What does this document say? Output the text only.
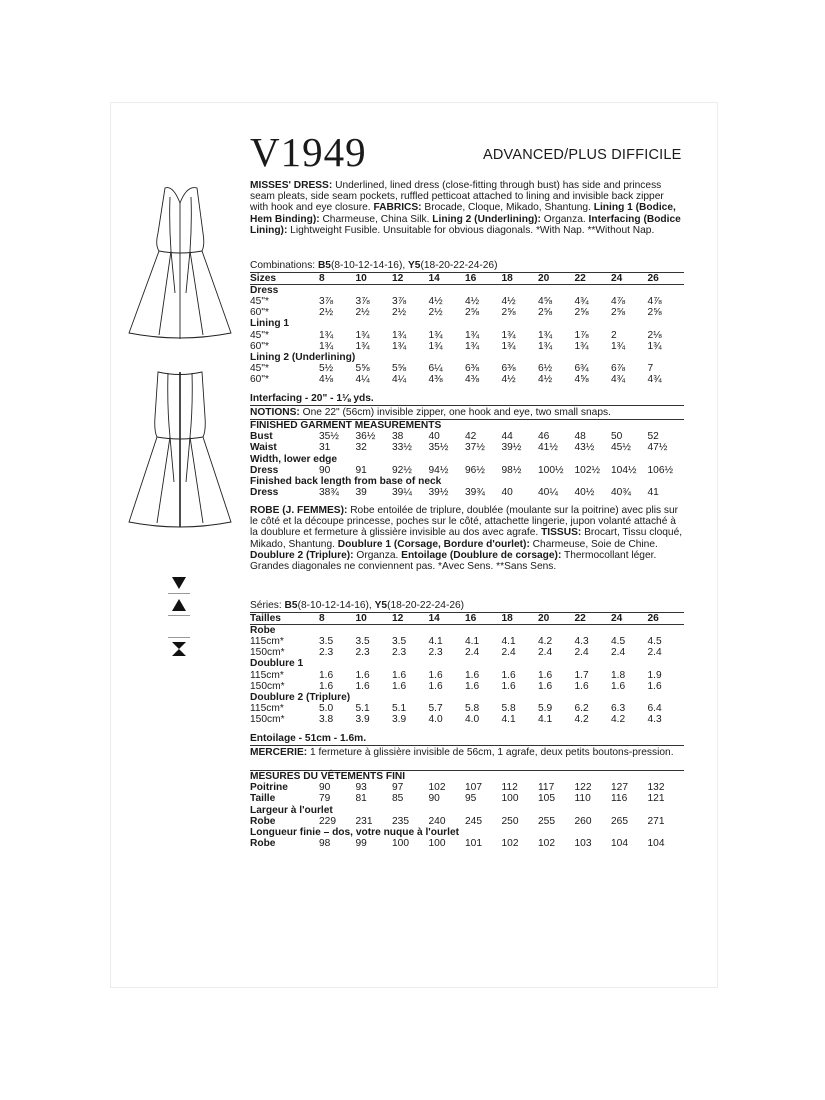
V1949	ADVANCED/PLUS DIFFICILE
MISSES' DRESS: Underlined, lined dress (close-fitting through bust) has side and princess seam pleats, side seam pockets, ruffled petticoat attached to lining and invisible back zipper with hook and eye closure. FABRICS: Brocade, Cloque, Mikado, Shantung. Lining 1 (Bodice, Hem Binding): Charmeuse, China Silk. Lining 2 (Underlining): Organza. Interfacing (Bodice Lining): Lightweight Fusible. Unsuitable for obvious diagonals. *With Nap. **Without Nap.
Combinations: B5(8-10-12-14-16), Y5(18-20-22-24-26)
Sizes	8	10	12	14	16	18	20	22	24	26
Dress										
45"*	3⅞	3⅞	3⅞	4½	4½	4½	4⅝	4¾	4⅞	4⅞
60"*	2½	2½	2½	2½	2⅝	2⅝	2⅝	2⅝	2⅝	2⅝
Lining 1										
45"*	1¾	1¾	1¾	1¾	1¾	1¾	1¾	1⅞	2	2⅛
60"*	1¾	1¾	1¾	1¾	1¾	1¾	1¾	1¾	1¾	1¾
Lining 2 (Underlining)										
45"*	5½	5⅝	5⅝	6¼	6⅜	6⅜	6½	6¾	6⅞	7
60"*	4⅛	4¼	4¼	4⅜	4⅜	4½	4½	4⅝	4¾	4¾
Interfacing - 20" - 1⅛ yds.
NOTIONS: One 22" (56cm) invisible zipper, one hook and eye, two small snaps.
FINISHED GARMENT MEASUREMENTS										
Bust	35½	36½	38	40	42	44	46	48	50	52
Waist	31	32	33½	35½	37½	39½	41½	43½	45½	47½
Width, lower edge										
Dress	90	91	92½	94½	96½	98½	100½	102½	104½	106½
Finished back length from base of neck										
Dress	38¾	39	39¼	39½	39¾	40	40¼	40½	40¾	41
ROBE (J. FEMMES): Robe entoilée de triplure, doublée (moulante sur la poitrine) avec plis sur le côté et la découpe princesse, poches sur le côté, attachette lingerie, jupon volanté attaché à la doublure et fermeture à glissière invisible au dos avec agrafe. TISSUS: Brocart, Tissu cloqué, Mikado, Shantung. Doublure 1 (Corsage, Bordure d'ourlet): Charmeuse, Soie de Chine. Doublure 2 (Triplure): Organza. Entoilage (Doublure de corsage): Thermocollant léger. Grandes diagonales ne conviennent pas. *Avec Sens. **Sans Sens.
Séries: B5(8-10-12-14-16), Y5(18-20-22-24-26)
Tailles	8	10	12	14	16	18	20	22	24	26
Robe										
115cm*	3.5	3.5	3.5	4.1	4.1	4.1	4.2	4.3	4.5	4.5
150cm*	2.3	2.3	2.3	2.3	2.4	2.4	2.4	2.4	2.4	2.4
Doublure 1										
115cm*	1.6	1.6	1.6	1.6	1.6	1.6	1.6	1.7	1.8	1.9
150cm*	1.6	1.6	1.6	1.6	1.6	1.6	1.6	1.6	1.6	1.6
Doublure 2 (Triplure)										
115cm*	5.0	5.1	5.1	5.7	5.8	5.8	5.9	6.2	6.3	6.4
150cm*	3.8	3.9	3.9	4.0	4.0	4.1	4.1	4.2	4.2	4.3
Entoilage - 51cm - 1.6m.
MERCERIE: 1 fermeture à glissière invisible de 56cm, 1 agrafe, deux petits boutons-pression.
MESURES DU VÊTEMENTS FINI										
Poitrine	90	93	97	102	107	112	117	122	127	132
Taille	79	81	85	90	95	100	105	110	116	121
Largeur à l'ourlet										
Robe	229	231	235	240	245	250	255	260	265	271
Longueur finie – dos, votre nuque à l'ourlet										
Robe	98	99	100	100	101	102	102	103	104	104
